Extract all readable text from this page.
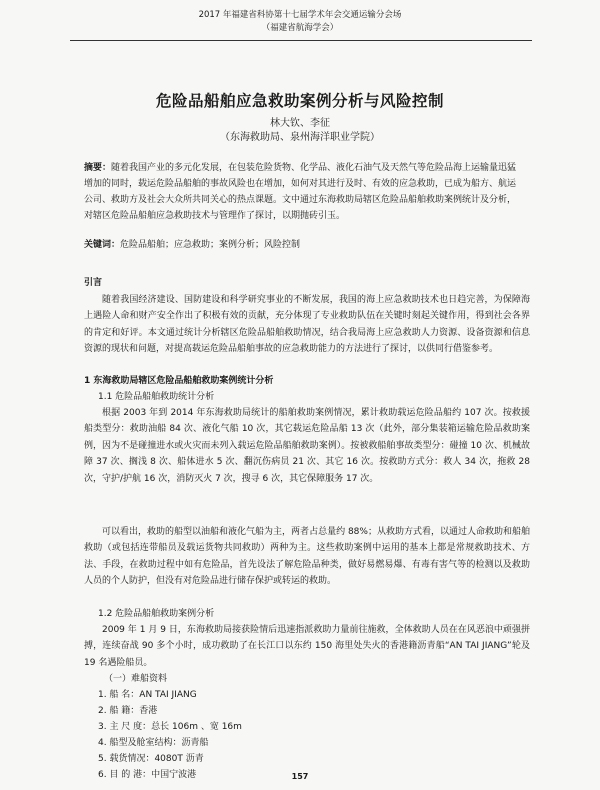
2017 年福建省科协第十七届学术年会交通运输分会场
（福建省航海学会）
危险品船舶应急救助案例分析与风险控制
林大钦、李征
（东海救助局、泉州海洋职业学院）
摘要：随着我国产业的多元化发展，在包装危险货物、化学品、液化石油气及天然气等危险品海上运输量迅猛增加的同时，载运危险品船舶的事故风险也在增加，如何对其进行及时、有效的应急救助，已成为船方、航运公司、救助方及社会大众所共同关心的热点课题。文中通过东海救助局辖区危险品船舶救助案例统计及分析，对辖区危险品船舶应急救助技术与管理作了探讨，以期抛砖引玉。
关键词：危险品船舶；应急救助；案例分析；风险控制
引言
随着我国经济建设、国防建设和科学研究事业的不断发展，我国的海上应急救助技术也日趋完善，为保障海上遇险人命和财产安全作出了积极有效的贡献，充分体现了专业救助队伍在关键时刻起关键作用，得到社会各界的肯定和好评。本文通过统计分析辖区危险品船舶救助情况，结合我局海上应急救助人力资源、设备资源和信息资源的现状和问题，对提高载运危险品船舶事故的应急救助能力的方法进行了探讨，以供同行借鉴参考。
1 东海救助局辖区危险品船舶救助案例统计分析
1.1 危险品船舶救助统计分析
根据 2003 年到 2014 年东海救助局统计的船舶救助案例情况，累计救助载运危险品船约 107 次。按救援船类型分：救助油船 84 次、液化气船 10 次，其它载运危险品船 13 次（此外，部分集装箱运输危险品救助案例，因为不是碰撞进水或火灾而未列入载运危险品船舶救助案例）。按被救船舶事故类型分：碰撞 10 次、机械故障 37 次、搁浅 8 次、船体进水 5 次、翻沉伤病员 21 次、其它 16 次。按救助方式分：救人 34 次，拖救 28 次，守护/护航 16 次，消防灭火 7 次，搜寻 6 次，其它保障服务 17 次。
可以看出，救助的船型以油船和液化气船为主，两者占总量约 88%；从救助方式看，以通过人命救助和船舶救助（或包括连带船员及载运货物共同救助）两种为主。这些救助案例中运用的基本上都是常规救助技术、方法、手段，在救助过程中如有危险品，首先设法了解危险品种类，做好易燃易爆、有毒有害气等的检测以及救助人员的个人防护，但没有对危险品进行储存保护或转运的救助。
1.2 危险品船舶救助案例分析
2009 年 1 月 9 日，东海救助局接获险情后迅速指派救助力量前往施救，全体救助人员在在风恶浪中顽强拼搏，连续奋战 90 多个小时，成功救助了在长江口以东约 150 海里处失火的香港籍沥青船“AN TAI JIANG”轮及 19 名遇险船员。
（一）难船资料
1. 船 名：AN TAI JIANG
2. 船 籍：香港
3. 主 尺 度：总长 106m 、宽 16m
4. 船型及舱室结构：沥青船
5. 载货情况：4080T 沥青
6. 目 的 港：中国宁波港	157
